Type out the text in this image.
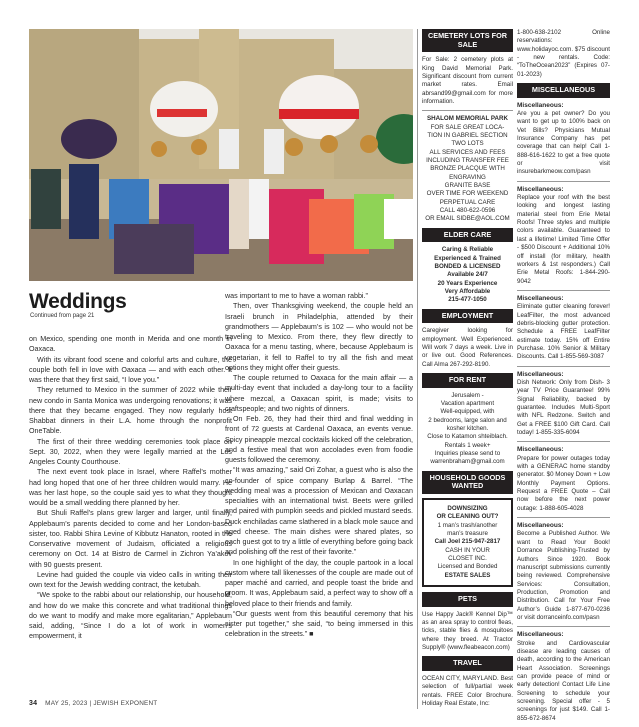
Weddings
Continued from page 21

on Mexico, spending one month in Merida and one month in Oaxaca.

With its vibrant food scene and colorful arts and culture, the couple both fell in love with Oaxaca — and with each other. It was there that they first said, “I love you.”

They returned to Mexico in the summer of 2022 while their new condo in Santa Monica was undergoing renovations; it was there that they became engaged. They now regularly host Shabbat dinners in their L.A. home through the nonprofit OneTable.

The first of their three wedding ceremonies took place on Sept. 30, 2022, when they were legally married at the Los Angeles County Courthouse.

The next event took place in Israel, where Raffel’s mother had long hoped that one of her three children would marry. He was her last hope, so the couple said yes to what they thought would be a small wedding there planned by her.

But Shuli Raffel’s plans grew larger and larger, until finally, Applebaum’s parents decided to come and her London-based sister, too. Rabbi Shira Levine of Kibbutz Hanaton, rooted in the Conservative movement of Judaism, officiated a religious ceremony on Oct. 14 at Bistro de Carmel in Zichron Ya’akov with 90 guests present.

Levine had guided the couple via video calls in writing their own text for the Jewish wedding contract, the ketubah.

“We spoke to the rabbi about our relationship, our household, and how do we make this concrete and what traditional things do we want to modify and make more egalitarian,” Applebaum said, adding, “Since I do a lot of work in women’s empowerment, it

was important to me to have a woman rabbi.”

Then, over Thanksgiving weekend, the couple held an Israeli brunch in Philadelphia, attended by their grandmothers — Applebaum’s is 102 — who would not be traveling to Mexico. From there, they flew directly to Oaxaca for a menu tasting, where, because Applebaum is vegetarian, it fell to Raffel to try all the fish and meat options they might offer their guests.

The couple returned to Oaxaca for the main affair — a multi-day event that included a day-long tour to a facility where mezcal, a Oaxacan spirit, is made; visits to craftspeople; and two nights of dinners.

On Feb. 26, they had their third and final wedding in front of 72 guests at Cardenal Oaxaca, an events venue. Spicy pineapple mezcal cocktails kicked off the celebration, and a festive meal that won accolades even from foodie guests followed the ceremony.

“It was amazing,” said Ori Zohar, a guest who is also the co-founder of spice company Burlap & Barrel. “The wedding meal was a procession of Mexican and Oaxacan specialties with an international twist. Beets were grilled and paired with pumpkin seeds and pickled mustard seeds. Duck enchiladas came slathered in a black mole sauce and aged cheese. The main dishes were shared plates, so each guest got to try a little of everything before going back and polishing off the rest of their favorite.”

In one highlight of the day, the couple partook in a local custom where tall likenesses of the couple are made out of paper maché and carried, and people toast the bride and groom. It was, Applebaum said, a perfect way to show off a beloved place to their friends and family.

“Our guests went from this beautiful ceremony that his sister put together,” she said, “to being immersed in this celebration in the streets.” ■

34 MAY 25, 2023 | JEWISH EXPONENT
CEMETERY LOTS FOR SALE
For Sale: 2 cemetery plots at King David Memorial Park. Significant discount from current market rates. Email abrsand99@gmail.com for more information.
SHALOM MEMORIAL PARK
FOR SALE GREAT LOCA-
TION IN GABRIEL SECTION
TWO LOTS
ALL SERVICES AND FEES
INCLUDING TRANSFER FEE
BRONZE PLACQUE WITH
ENGRAVING
GRANITE BASE
OVER TIME FOR WEEKEND
PERPETUAL CARE
CALL 480-622-0596
OR EMAIL SIDBE@AOL.COM
ELDER CARE
Caring & Reliable
Experienced & Trained
BONDED & LICENSED
Available 24/7
20 Years Experience
Very Affordable
215-477-1050
EMPLOYMENT
Caregiver looking for employment. Well Experienced. Will work 7 days a week. Live in or live out. Good References. Call Alma 267-292-8190.
FOR RENT
Jerusalem -
Vacation apartment
Well-equipped, with
2 bedrooms, large salon and
kosher kitchen.
Close to Katamon shteiblach.
Rentals 1 week+
Inquiries please send to
warrenbraham@gmail.com
HOUSEHOLD GOODS WANTED
DOWNSIZING
OR CLEANING OUT?
1 man’s trash/another
man’s treasure
Call Joel 215-947-2817
CASH IN YOUR
CLOSET INC.
Licensed and Bonded
ESTATE SALES
PETS
Use Happy Jack® Kennel Dip™ as an area spray to control fleas, ticks, stable flies & mosquitoes where they breed. At Tractor Supply® (www.fleabeacon.com)
TRAVEL
OCEAN CITY, MARYLAND. Best selection of full/partial week rentals. FREE Color Brochure. Holiday Real Estate, Inc:
1-800-638-2102 Online reservations: www.holidayoc.com. $75 discount - new rentals. Code: “ToTheOcean2023” (Expires 07-01-2023)
MISCELLANEOUS
Miscellaneous:
Are you a pet owner? Do you want to get up to 100% back on Vet Bills? Physicians Mutual Insurance Company has pet coverage that can help! Call 1-888-616-1622 to get a free quote or visit insurebarkmeow.com/pasn
Miscellaneous:
Replace your roof with the best looking and longest lasting material steel from Erie Metal Roofs! Three styles and multiple colors available. Guaranteed to last a lifetime! Limited Time Offer - $500 Discount + Additional 10% off install (for military, health workers & 1st responders.) Call Erie Metal Roofs: 1-844-290-9042
Miscellaneous:
Eliminate gutter cleaning forever! LeafFilter, the most advanced debris-blocking gutter protection. Schedule a FREE LeafFilter estimate today. 15% off Entire Purchase. 10% Senior & Military Discounts. Call 1-855-569-3087
Miscellaneous:
Dish Network: Only from Dish- 3 year TV Price Guarantee! 99% Signal Reliability, backed by guarantee. Includes Multi-Sport with NFL Redzone. Switch and Get a FREE $100 Gift Card. Call today! 1-855-335-6094
Miscellaneous:
Prepare for power outages today with a GENERAC home standby generator. $0 Money Down + Low Monthly Payment Options. Request a FREE Quote – Call now before the next power outage: 1-888-605-4028
Miscellaneous:
Become a Published Author. We want to Read Your Book! Dorrance Publishing-Trusted by Authors Since 1920. Book manuscript submissions currently being reviewed. Comprehensive Services: Consultation, Production, Promotion and Distribution. Call for Your Free Author’s Guide 1-877-670-0236 or visit dorranceinfo.com/pasn
Miscellaneous:
Stroke and Cardiovascular disease are leading causes of death, according to the American Heart Association. Screenings can provide peace of mind or early detection! Contact Life Line Screening to schedule your screening. Special offer - 5 screenings for just $149. Call 1-855-672-8674
